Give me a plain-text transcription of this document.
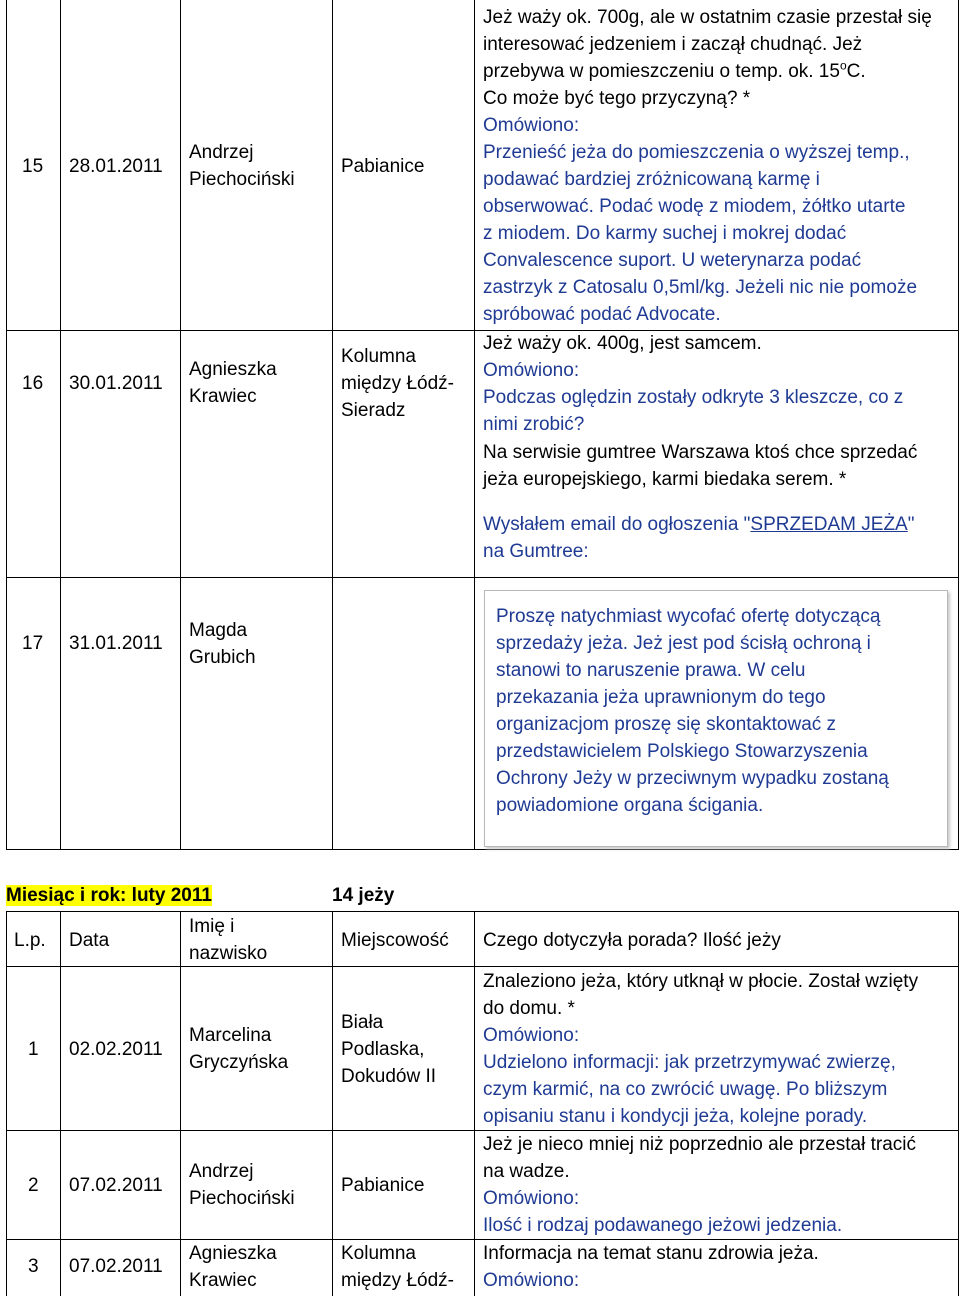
15 28.01.2011
Andrzej
Piechociński
Pabianice
Jeż waży ok. 700g, ale w ostatnim czasie przestał się
interesować jedzeniem i zaczął chudnąć. Jeż
przebywa w pomieszczeniu o temp. ok. 15$^o$C.
Co może być tego przyczyną? *
Omówiono:
Przenieść jeża do pomieszczenia o wyższej temp.,
podawać bardziej zróżnicowaną karmę i
obserwować. Podać wodę z miodem, żółtko utarte
z miodem. Do karmy suchej i mokrej dodać
Convalescence suport. U weterynarza podać
zastrzyk z Catosalu 0,5ml/kg. Jeżeli nic nie pomoże
spróbować podać Advocate.
16 30.01.2011
Agnieszka
Krawiec
Kolumna
między Łódź-
Sieradz
Jeż waży ok. 400g, jest samcem.
Omówiono:
Podczas oględzin zostały odkryte 3 kleszcze, co z
nimi zrobić?
Na serwisie gumtree Warszawa ktoś chce sprzedać
jeża europejskiego, karmi biedaka serem. *
Wysłałem email do ogłoszenia "SPRZEDAM JEŻA"
na Gumtree:
17 31.01.2011
Magda
Grubich
Proszę natychmiast wycofać ofertę dotyczącą
sprzedaży jeża. Jeż jest pod ścisłą ochroną i
stanowi to naruszenie prawa. W celu
przekazania jeża uprawnionym do tego
organizacjom proszę się skontaktować z
przedstawicielem Polskiego Stowarzyszenia
Ochrony Jeży w przeciwnym wypadku zostaną
powiadomione organa ścigania.
Miesiąc i rok: luty 2011	14 jeży
L.p. Data
Imię i
nazwisko
Miejscowość Czego dotyczyła porada? Ilość jeży
1 02.02.2011
Marcelina
Gryczyńska
Biała
Podlaska,
Dokudów II
Znaleziono jeża, który utknął w płocie. Został wzięty
do domu. *
Omówiono:
Udzielono informacji: jak przetrzymywać zwierzę,
czym karmić, na co zwrócić uwagę. Po bliższym
opisaniu stanu i kondycji jeża, kolejne porady.
2 07.02.2011
Andrzej
Piechociński
Pabianice
Jeż je nieco mniej niż poprzednio ale przestał tracić
na wadze.
Omówiono:
Ilość i rodzaj podawanego jeżowi jedzenia.
3 07.02.2011
Agnieszka
Krawiec
Kolumna
między Łódź-
Informacja na temat stanu zdrowia jeża.
Omówiono:
